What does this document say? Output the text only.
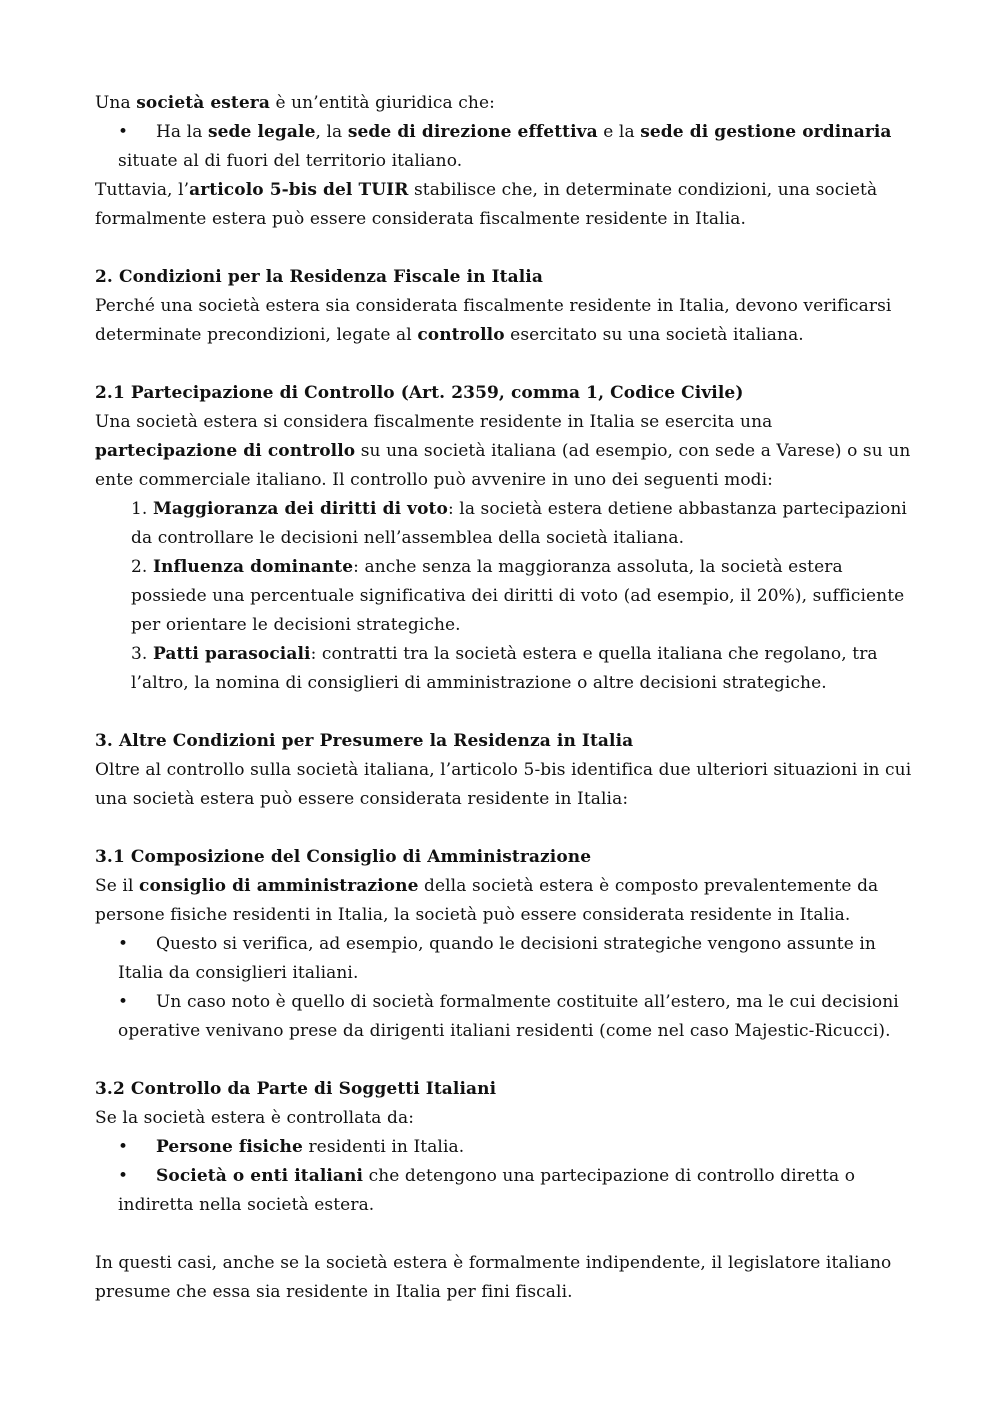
Una società estera è un’entità giuridica che:

• Ha la sede legale, la sede di direzione effettiva e la sede di gestione ordinaria situate al di fuori del territorio italiano.

Tuttavia, l’articolo 5-bis del TUIR stabilisce che, in determinate condizioni, una società formalmente estera può essere considerata fiscalmente residente in Italia.

2. Condizioni per la Residenza Fiscale in Italia

Perché una società estera sia considerata fiscalmente residente in Italia, devono verificarsi determinate precondizioni, legate al controllo esercitato su una società italiana.

2.1 Partecipazione di Controllo (Art. 2359, comma 1, Codice Civile)

Una società estera si considera fiscalmente residente in Italia se esercita una partecipazione di controllo su una società italiana (ad esempio, con sede a Varese) o su un ente commerciale italiano. Il controllo può avvenire in uno dei seguenti modi:

1. Maggioranza dei diritti di voto: la società estera detiene abbastanza partecipazioni da controllare le decisioni nell’assemblea della società italiana.
2. Influenza dominante: anche senza la maggioranza assoluta, la società estera possiede una percentuale significativa dei diritti di voto (ad esempio, il 20%), sufficiente per orientare le decisioni strategiche.
3. Patti parasociali: contratti tra la società estera e quella italiana che regolano, tra l’altro, la nomina di consiglieri di amministrazione o altre decisioni strategiche.
3. Altre Condizioni per Presumere la Residenza in Italia

Oltre al controllo sulla società italiana, l’articolo 5-bis identifica due ulteriori situazioni in cui una società estera può essere considerata residente in Italia:

3.1 Composizione del Consiglio di Amministrazione

Se il consiglio di amministrazione della società estera è composto prevalentemente da persone fisiche residenti in Italia, la società può essere considerata residente in Italia.

• Questo si verifica, ad esempio, quando le decisioni strategiche vengono assunte in Italia da consiglieri italiani.
• Un caso noto è quello di società formalmente costituite all’estero, ma le cui decisioni operative venivano prese da dirigenti italiani residenti (come nel caso Majestic-Ricucci).
3.2 Controllo da Parte di Soggetti Italiani

Se la società estera è controllata da:

• Persone fisiche residenti in Italia.
• Società o enti italiani che detengono una partecipazione di controllo diretta o indiretta nella società estera.

In questi casi, anche se la società estera è formalmente indipendente, il legislatore italiano presume che essa sia residente in Italia per fini fiscali.
